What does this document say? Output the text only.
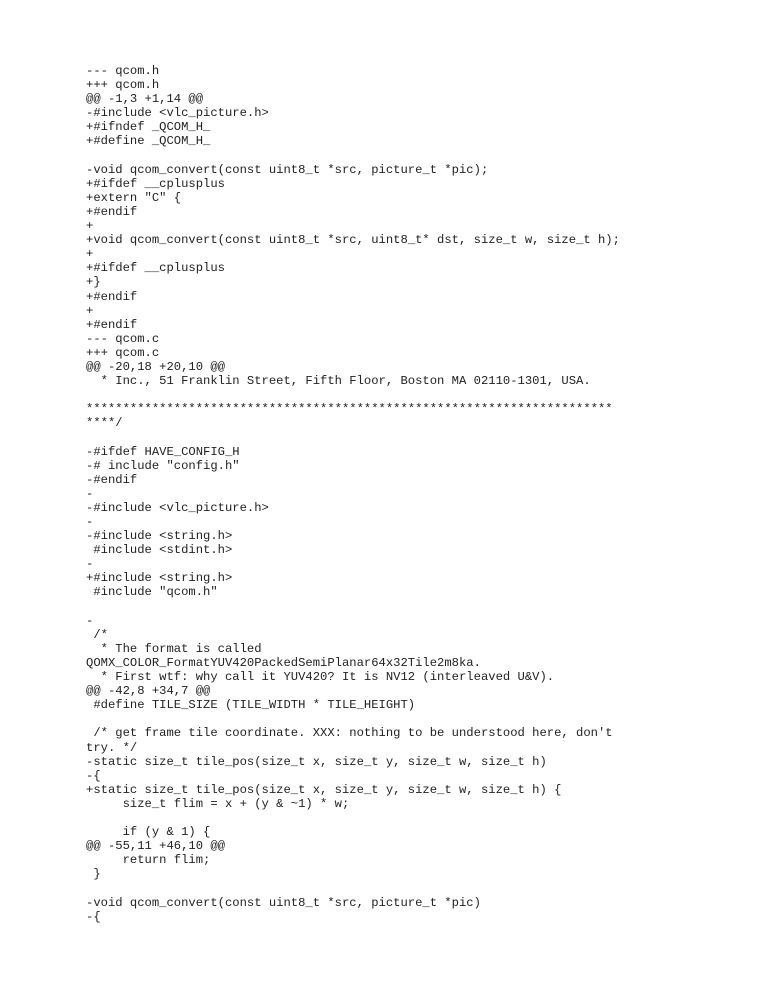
--- qcom.h
+++ qcom.h
@@ -1,3 +1,14 @@
-#include <vlc_picture.h>
+#ifndef _QCOM_H_
+#define _QCOM_H_
-void qcom_convert(const uint8_t *src, picture_t *pic);
+#ifdef __cplusplus
+extern "C" {
+#endif
+
+void qcom_convert(const uint8_t *src, uint8_t* dst, size_t w, size_t h);
+
+#ifdef __cplusplus
+}
+#endif
+
+#endif
--- qcom.c
+++ qcom.c
@@ -20,18 +20,10 @@
* Inc., 51 Franklin Street, Fifth Floor, Boston MA 02110-1301, USA.
************************************************************************
****/
-#ifdef HAVE_CONFIG_H
-# include "config.h"
-#endif
-
-#include <vlc_picture.h>
-
-#include <string.h>
#include <stdint.h>
-
+#include <string.h>
#include "qcom.h"
-
/*
* The format is called
QOMX_COLOR_FormatYUV420PackedSemiPlanar64x32Tile2m8ka.
* First wtf: why call it YUV420? It is NV12 (interleaved U&V).
@@ -42,8 +34,7 @@
#define TILE_SIZE (TILE_WIDTH * TILE_HEIGHT)
/* get frame tile coordinate. XXX: nothing to be understood here, don't
try. */
-static size_t tile_pos(size_t x, size_t y, size_t w, size_t h)
-{
+static size_t tile_pos(size_t x, size_t y, size_t w, size_t h) {
size_t flim = x + (y & ~1) * w;
if (y & 1) {
@@ -55,11 +46,10 @@
return flim;
}
-void qcom_convert(const uint8_t *src, picture_t *pic)
-{
